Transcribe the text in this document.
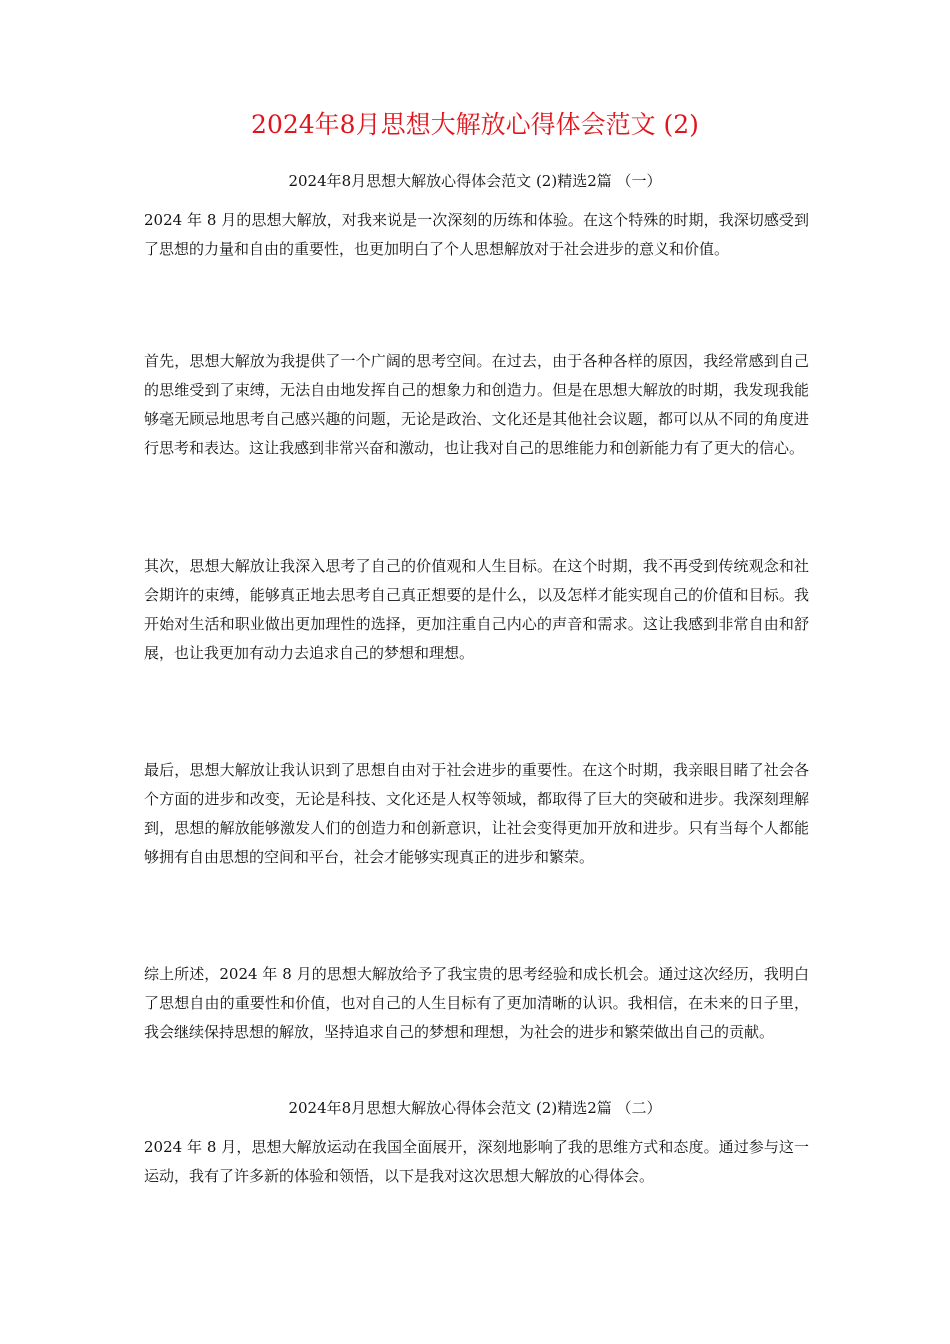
2024年8月思想大解放心得体会范文 (2)
2024年8月思想大解放心得体会范文 (2)精选2篇 （一）

2024 年 8 月的思想大解放，对我来说是一次深刻的历练和体验。在这个特殊的时期，我深切感受到了思想的力量和自由的重要性，也更加明白了个人思想解放对于社会进步的意义和价值。

首先，思想大解放为我提供了一个广阔的思考空间。在过去，由于各种各样的原因，我经常感到自己的思维受到了束缚，无法自由地发挥自己的想象力和创造力。但是在思想大解放的时期，我发现我能够毫无顾忌地思考自己感兴趣的问题，无论是政治、文化还是其他社会议题，都可以从不同的角度进行思考和表达。这让我感到非常兴奋和激动，也让我对自己的思维能力和创新能力有了更大的信心。

其次，思想大解放让我深入思考了自己的价值观和人生目标。在这个时期，我不再受到传统观念和社会期许的束缚，能够真正地去思考自己真正想要的是什么，以及怎样才能实现自己的价值和目标。我开始对生活和职业做出更加理性的选择，更加注重自己内心的声音和需求。这让我感到非常自由和舒展，也让我更加有动力去追求自己的梦想和理想。

最后，思想大解放让我认识到了思想自由对于社会进步的重要性。在这个时期，我亲眼目睹了社会各个方面的进步和改变，无论是科技、文化还是人权等领域，都取得了巨大的突破和进步。我深刻理解到，思想的解放能够激发人们的创造力和创新意识，让社会变得更加开放和进步。只有当每个人都能够拥有自由思想的空间和平台，社会才能够实现真正的进步和繁荣。

综上所述，2024 年 8 月的思想大解放给予了我宝贵的思考经验和成长机会。通过这次经历，我明白了思想自由的重要性和价值，也对自己的人生目标有了更加清晰的认识。我相信，在未来的日子里，我会继续保持思想的解放，坚持追求自己的梦想和理想，为社会的进步和繁荣做出自己的贡献。

2024年8月思想大解放心得体会范文 (2)精选2篇 （二）

2024 年 8 月，思想大解放运动在我国全面展开，深刻地影响了我的思维方式和态度。通过参与这一运动，我有了许多新的体验和领悟，以下是我对这次思想大解放的心得体会。
